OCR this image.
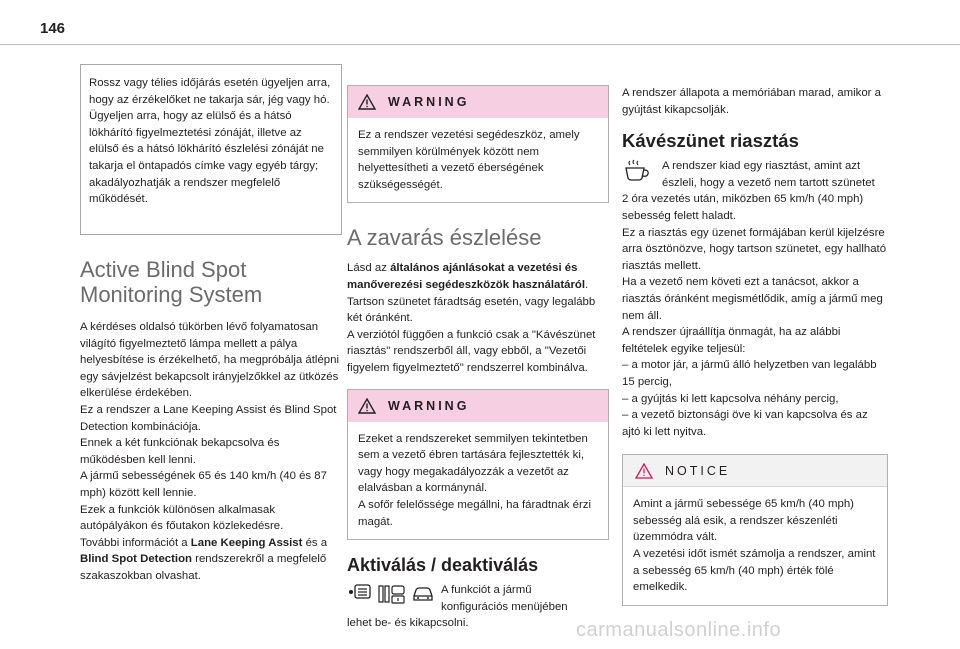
146

Rossz vagy télies időjárás esetén ügyeljen arra, hogy az érzékelőket ne takarja sár, jég vagy hó.
Ügyeljen arra, hogy az elülső és a hátsó lökhárító figyelmeztetési zónáját, illetve az elülső és a hátsó lökhárító észlelési zónáját ne takarja el öntapadós címke vagy egyéb tárgy; akadályozhatják a rendszer megfelelő működését.

Active Blind Spot
Monitoring System

A kérdéses oldalsó tükörben lévő folyamatosan világító figyelmeztető lámpa mellett a pálya helyesbítése is érzékelhető, ha megpróbálja átlépni egy sávjelzést bekapcsolt irányjelzőkkel az ütközés elkerülése érdekében.
Ez a rendszer a Lane Keeping Assist és Blind Spot Detection kombinációja.
Ennek a két funkciónak bekapcsolva és működésben kell lenni.
A jármű sebességének 65 és 140 km/h (40 és 87 mph) között kell lennie.
Ezek a funkciók különösen alkalmasak autópályákon és főutakon közlekedésre.

További információt a Lane Keeping Assist és a Blind Spot Detection rendszerekről a megfelelő szakaszokban olvashat.

WARNING

Ez a rendszer vezetési segédeszköz, amely semmilyen körülmények között nem helyettesítheti a vezető éberségének szükségességét.

A zavarás észlelése

Lásd az általános ajánlásokat a vezetési és manőverezési segédeszközök használatáról.

Tartson szünetet fáradtság esetén, vagy legalább két óránként.
A verziótól függően a funkció csak a "Kávészünet riasztás" rendszerből áll, vagy ebből, a "Vezetői figyelem figyelmeztető" rendszerrel kombinálva.

WARNING

Ezeket a rendszereket semmilyen tekintetben sem a vezető ébren tartására fejlesztették ki, vagy hogy megakadályozzák a vezetőt az elalvásban a kormánynál.
A sofőr felelőssége megállni, ha fáradtnak érzi magát.

Aktiválás / deaktiválás

A funkciót a jármű

konfigurációs menüjében

lehet be- és kikapcsolni.

A rendszer állapota a memóriában marad, amikor a gyújtást kikapcsolják.

Kávészünet riasztás

A rendszer kiad egy riasztást, amint azt

észleli, hogy a vezető nem tartott szünetet

2 óra vezetés után, miközben 65 km/h (40 mph) sebesség felett haladt.
Ez a riasztás egy üzenet formájában kerül kijelzésre arra ösztönözve, hogy tartson szünetet, egy hallható riasztás mellett.
Ha a vezető nem követi ezt a tanácsot, akkor a riasztás óránként megismétlődik, amíg a jármű meg nem áll.
A rendszer újraállítja önmagát, ha az alábbi feltételek egyike teljesül:
– a motor jár, a jármű álló helyzetben van legalább 15 percig,
– a gyújtás ki lett kapcsolva néhány percig,
– a vezető biztonsági öve ki van kapcsolva és az ajtó ki lett nyitva.

NOTICE

Amint a jármű sebessége 65 km/h (40 mph) sebesség alá esik, a rendszer készenléti üzemmódra vált.
A vezetési időt ismét számolja a rendszer, amint a sebesség 65 km/h (40 mph) érték fölé emelkedik.

carmanualsonline.info
